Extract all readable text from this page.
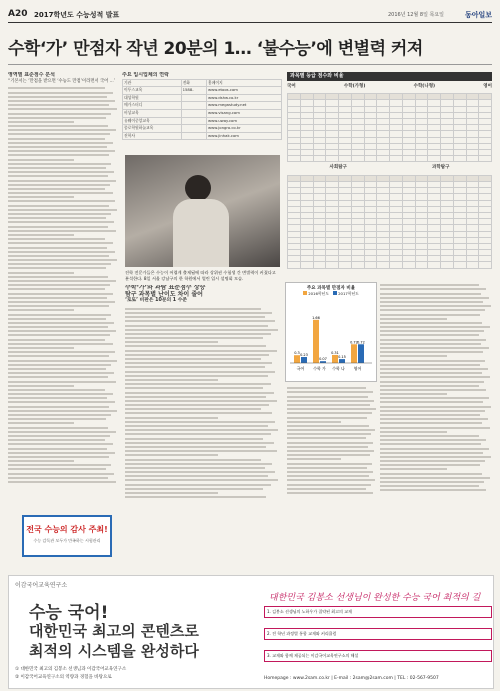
A20 2017학년도 수능성적 발표	2016년 12월 8일 목요일	동아일보
수학‘가’ 만점자 작년 20분의 1… ‘불수능’에 변별력 커져
영역별 표준점수 분석
“기본서는 ‘만점을 받으면 ‘수능도 만점’이라면서 국어 ...’
주요 입시업체의 연락
기관	전화	홈페이지
이투스교육	1588-	www.etoos.com
대성학원		www.dshw.co.kr
메가스터디		www.megastudy.net
비상교육		www.visang.com
유웨이중앙교육		www.uway.com
종로학원하늘교육		www.jongro.co.kr
진학사		www.jinhak.com
과목별 등급 점수와 비율
국어	수학(가형)	수학(나형)	영어

사회탐구	과학탐구

진학 전문가들은 수능이 어렵게 출제됨에 따라 상위권 수험생 간 변별력이 커졌다고 분석한다. 8일 서울 강남구의 한 학원에서 열린 입시 설명회 모습.
수학‘가’와 과탐 표준점수 상승
탐구 과목별 난이도 차이 줄어
‘로또’ 비판은 10분의 1 수준
주요 과목별 만점자 비율
2016학년도 2017학년도
0.3 0.23
국어
1.66
0.07
수학 가
0.31
0.15
수학 나
0.72 0.72
영어
전국 수능의 감사 주최!
수능 감독관 모두가 만족하는 시험관리
이감국어교육연구소
수능 국어!
대한민국 최고의 콘텐츠로
최적의 시스템을 완성하다
① 대한민국 최고의 김봉소 선생님과 이감국어교육연구소
② 이감국어교육연구소의 역량과 경험을 바탕으로
대한민국 김봉소 선생님이 완성한 수능 국어 최적의 길
1. 김봉소 선생님의 노하우가 집약된 최고의 교재
2. 전 학년 과정별 통합 교재와 커리큘럼
3. 교재와 함께 제공되는 이감국어교육연구소의 해설
Homepage : www.2sam.co.kr | E-mail : 2sam@2sam.com | TEL : 02-567-9507
